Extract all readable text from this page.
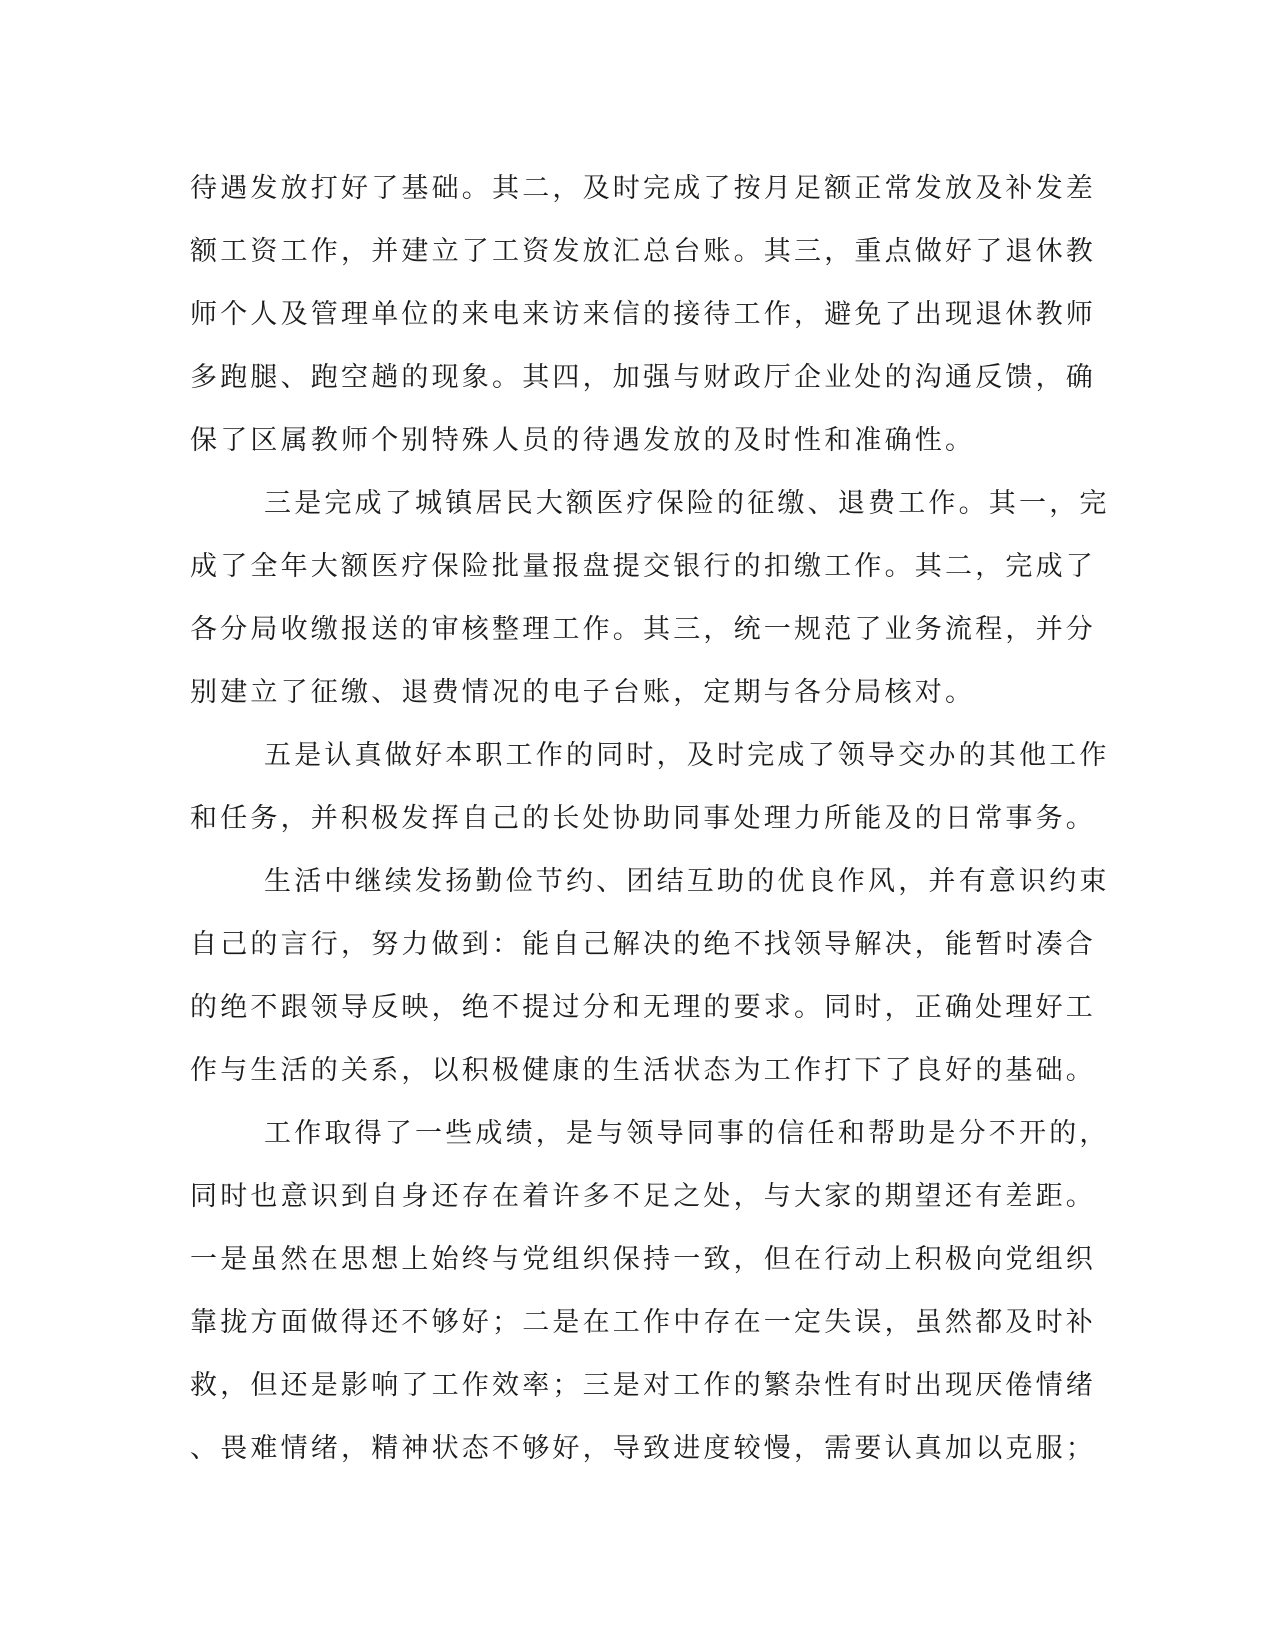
待遇发放打好了基础。其二，及时完成了按月足额正常发放及补发差
额工资工作，并建立了工资发放汇总台账。其三，重点做好了退休教
师个人及管理单位的来电来访来信的接待工作，避免了出现退休教师
多跑腿、跑空趟的现象。其四，加强与财政厅企业处的沟通反馈，确
保了区属教师个别特殊人员的待遇发放的及时性和准确性。
三是完成了城镇居民大额医疗保险的征缴、退费工作。其一，完
成了全年大额医疗保险批量报盘提交银行的扣缴工作。其二，完成了
各分局收缴报送的审核整理工作。其三，统一规范了业务流程，并分
别建立了征缴、退费情况的电子台账，定期与各分局核对。
五是认真做好本职工作的同时，及时完成了领导交办的其他工作
和任务，并积极发挥自己的长处协助同事处理力所能及的日常事务。
生活中继续发扬勤俭节约、团结互助的优良作风，并有意识约束
自己的言行，努力做到：能自己解决的绝不找领导解决，能暂时凑合
的绝不跟领导反映，绝不提过分和无理的要求。同时，正确处理好工
作与生活的关系，以积极健康的生活状态为工作打下了良好的基础。
工作取得了一些成绩，是与领导同事的信任和帮助是分不开的，
同时也意识到自身还存在着许多不足之处，与大家的期望还有差距。
一是虽然在思想上始终与党组织保持一致，但在行动上积极向党组织
靠拢方面做得还不够好；二是在工作中存在一定失误，虽然都及时补
救，但还是影响了工作效率；三是对工作的繁杂性有时出现厌倦情绪
、畏难情绪，精神状态不够好，导致进度较慢，需要认真加以克服；
